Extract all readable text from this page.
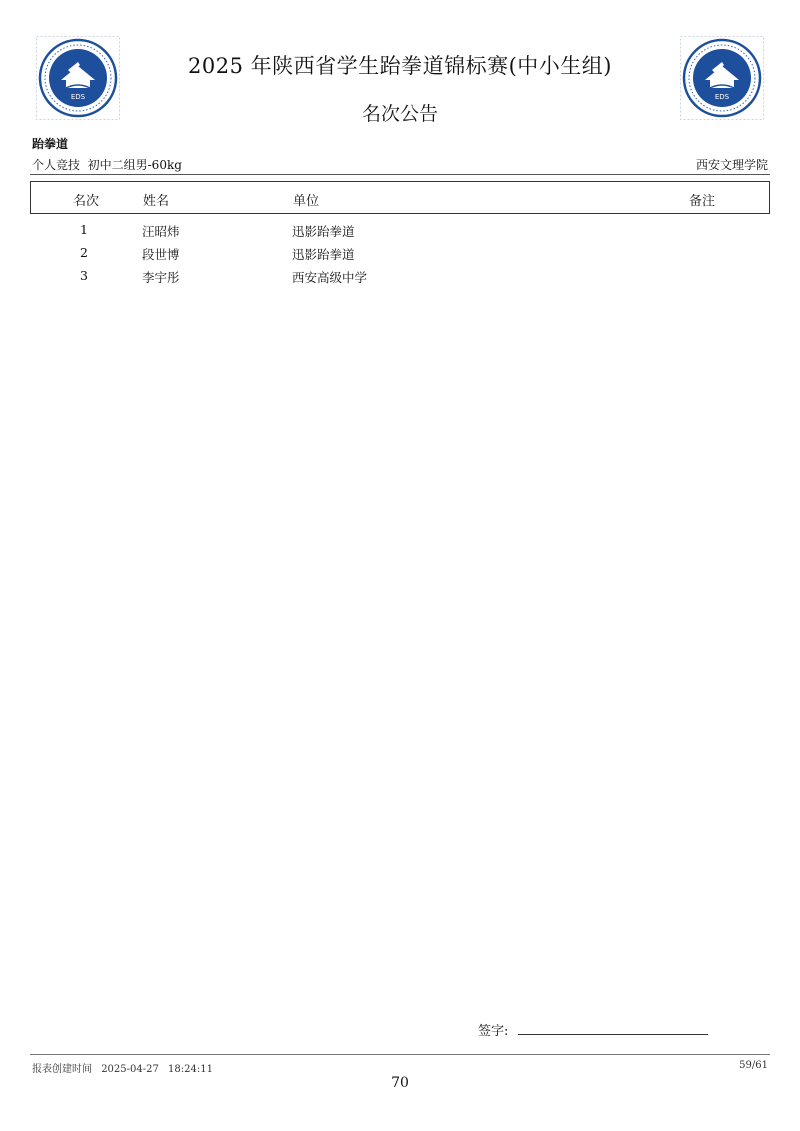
EDS	EDS
2025 年陕西省学生跆拳道锦标赛(中小生组)
名次公告
跆拳道
个人竞技  初中二组男-60kg	西安文理学院
名次	姓名	单位	备注
1	汪昭炜	迅影跆拳道
2	段世博	迅影跆拳道
3	李宇彤	西安高级中学
签字:
报表创建时间 2025-04-27 18:24:11	59/61
70
